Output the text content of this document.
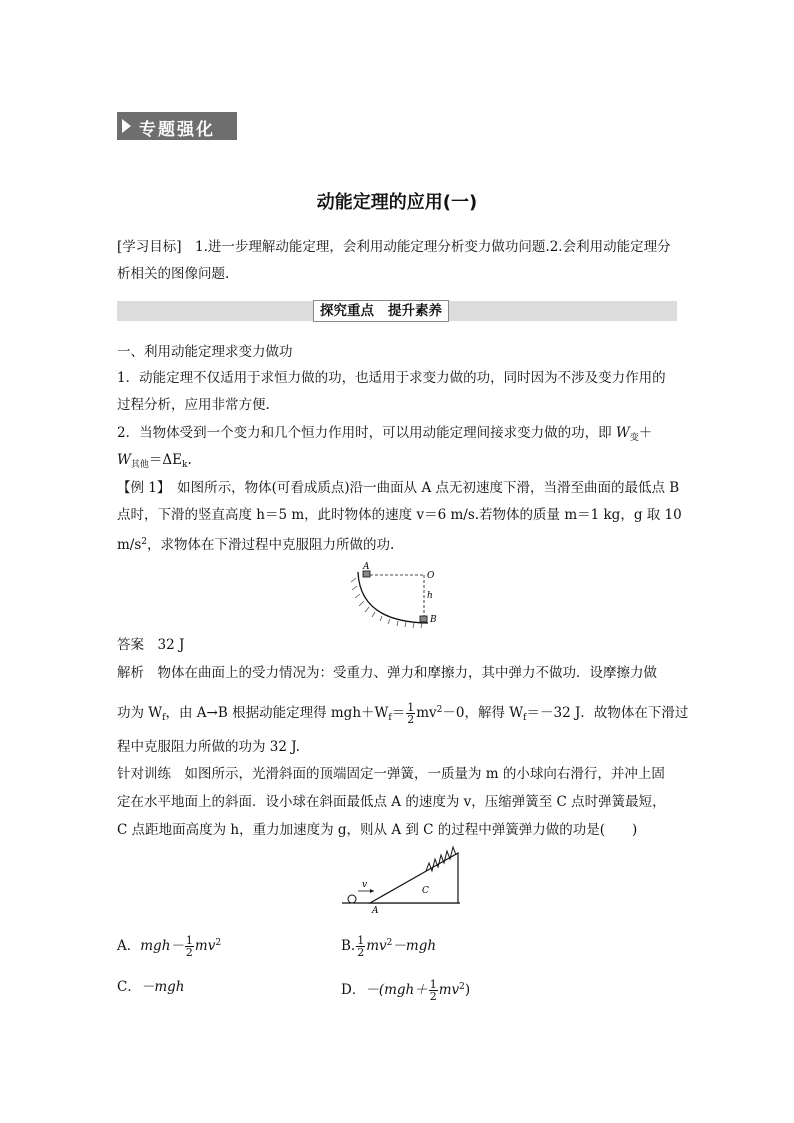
专题强化
动能定理的应用(一)
[学习目标]　1.进一步理解动能定理，会利用动能定理分析变力做功问题.2.会利用动能定理分
析相关的图像问题.
探究重点 提升素养
一、利用动能定理求变力做功
1．动能定理不仅适用于求恒力做的功，也适用于求变力做的功，同时因为不涉及变力作用的
过程分析，应用非常方便.
2．当物体受到一个变力和几个恒力作用时，可以用动能定理间接求变力做的功，即 $W_变+$
$W_{其他}=\Delta E_k$.
【例 1】　如图所示，物体(可看成质点)沿一曲面从 A 点无初速度下滑，当滑至曲面的最低点 B
点时，下滑的竖直高度 h＝5 m，此时物体的速度 v＝6 m/s.若物体的质量 m＝1 kg，g 取 10
$m/s^2$，求物体在下滑过程中克服阻力所做的功.
A
O
h
B
答案　32 J
解析　物体在曲面上的受力情况为：受重力、弹力和摩擦力，其中弹力不做功．设摩擦力做
功为 $W_f$，由 A→B 根据动能定理得 $mgh+W_f= \frac{1}{2} mv^2-0$，解得 $W_f=-32$ J．故物体在下滑过
程中克服阻力所做的功为 32 J.
针对训练　如图所示，光滑斜面的顶端固定一弹簧，一质量为 m 的小球向右滑行，并冲上固
定在水平地面上的斜面．设小球在斜面最低点 A 的速度为 v，压缩弹簧至 C 点时弹簧最短，
C 点距地面高度为 h，重力加速度为 g，则从 A 到 C 的过程中弹簧弹力做的功是(　　)
v
C
A
A．$mgh- \frac{1}{2} mv^2$	B. $\frac{1}{2} mv^2-mgh$
C．－mgh	D．$-(mgh+ \frac{1}{2} mv^2)$
